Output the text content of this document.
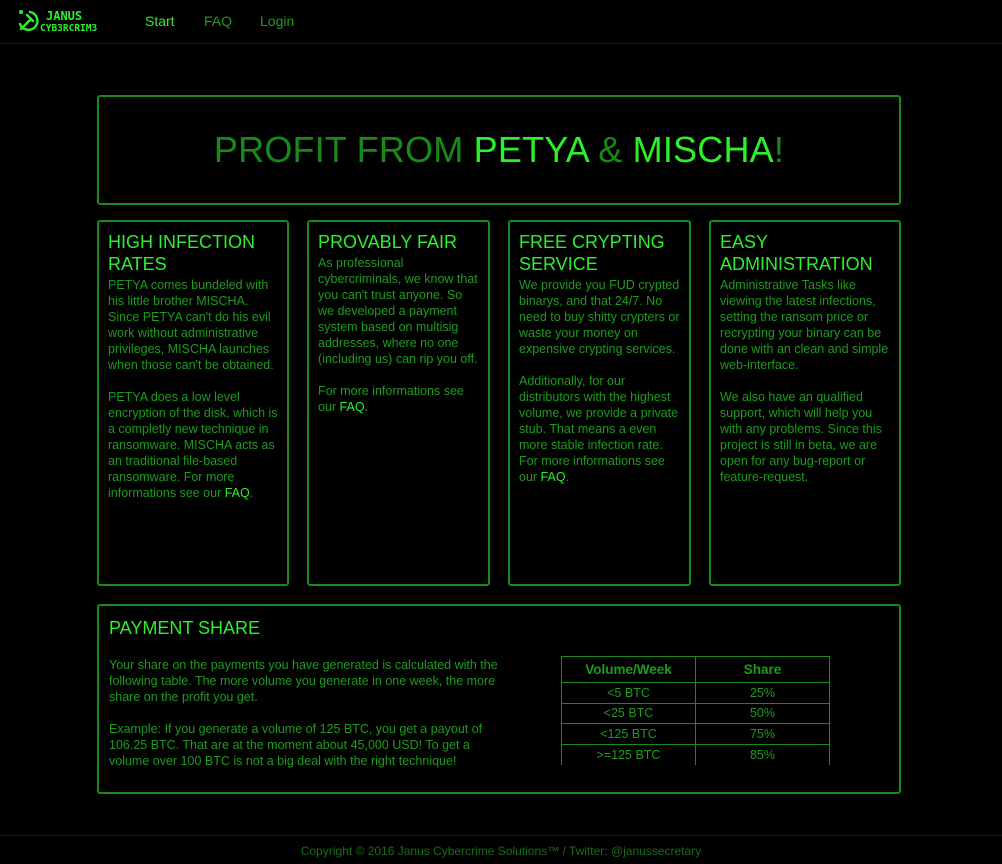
JANUS
CYB3RCRIM3	Start FAQ Login
PROFIT FROM PETYA & MISCHA!
HIGH INFECTION RATES

PETYA comes bundeled with his little brother MISCHA. Since PETYA can't do his evil work without administrative privileges, MISCHA launches when those can't be obtained.

PETYA does a low level encryption of the disk, which is a completly new technique in ransomware. MISCHA acts as an traditional file-based ransomware. For more informations see our FAQ.

PROVABLY FAIR

As professional cybercriminals, we know that you can't trust anyone. So we developed a payment system based on multisig addresses, where no one (including us) can rip you off.

For more informations see our FAQ.

FREE CRYPTING SERVICE

We provide you FUD crypted binarys, and that 24/7. No need to buy shitty crypters or waste your money on expensive crypting services.

Additionally, for our distributors with the highest volume, we provide a private stub. That means a even more stable infection rate. For more informations see our FAQ.

EASY ADMINISTRATION

Administrative Tasks like viewing the latest infections, setting the ransom price or recrypting your binary can be done with an clean and simple web-interface.

We also have an qualified support, which will help you with any problems. Since this project is still in beta, we are open for any bug-report or feature-request.

PAYMENT SHARE

Your share on the payments you have generated is calculated with the following table. The more volume you generate in one week, the more share on the profit you get.

Example: If you generate a volume of 125 BTC, you get a payout of 106.25 BTC. That are at the moment about 45,000 USD! To get a volume over 100 BTC is not a big deal with the right technique!

Volume/Week	Share
<5 BTC	25%
<25 BTC	50%
<125 BTC	75%
>=125 BTC	85%
Copyright © 2016 Janus Cybercrime Solutions™ / Twitter: @janussecretary
